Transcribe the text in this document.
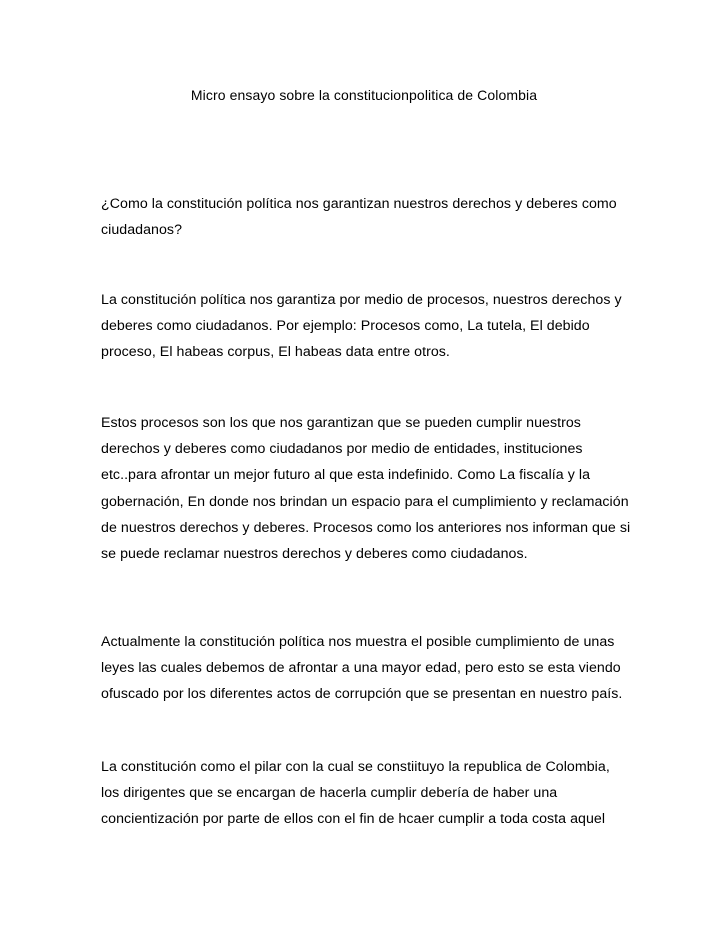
Micro ensayo sobre la constitucionpolitica de Colombia

¿Como la constitución política nos garantizan nuestros derechos y deberes como ciudadanos?

La constitución política nos garantiza por medio de procesos, nuestros derechos y deberes como ciudadanos. Por ejemplo: Procesos como, La tutela, El debido proceso, El habeas corpus, El habeas data entre otros.

Estos procesos son los que nos garantizan que se pueden cumplir nuestros derechos y deberes como ciudadanos por medio de entidades, instituciones etc..para afrontar un mejor futuro al que esta indefinido. Como La fiscalía y la gobernación, En donde nos brindan un espacio para el cumplimiento y reclamación de nuestros derechos y deberes. Procesos como los anteriores nos informan que si se puede reclamar nuestros derechos y deberes como ciudadanos.

Actualmente la constitución política nos muestra el posible cumplimiento de unas leyes las cuales debemos de afrontar a una mayor edad, pero esto se esta viendo ofuscado por los diferentes actos de corrupción que se presentan en nuestro país.

La constitución como el pilar con la cual se constiituyo la republica de Colombia, los dirigentes que se encargan de hacerla cumplir debería de haber una concientización por parte de ellos con el fin de hcaer cumplir a toda costa aquel
